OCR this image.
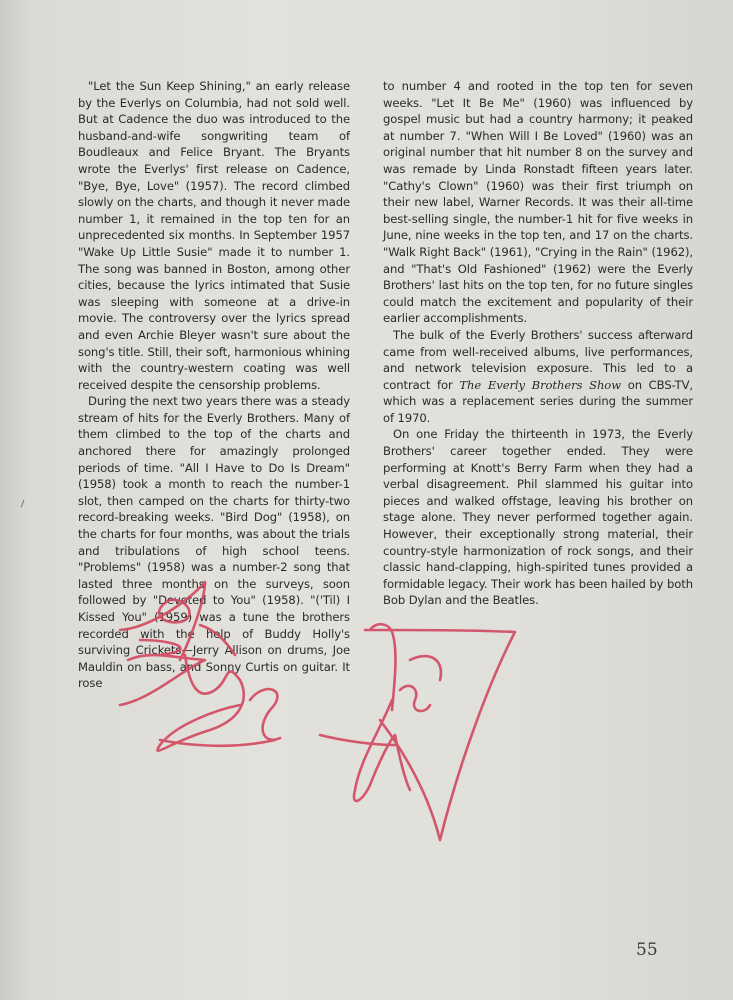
"Let the Sun Keep Shining," an early release by the Everlys on Columbia, had not sold well. But at Cadence the duo was introduced to the husband-and-wife songwriting team of Boudleaux and Felice Bryant. The Bryants wrote the Everlys' first release on Cadence, "Bye, Bye, Love" (1957). The record climbed slowly on the charts, and though it never made number 1, it remained in the top ten for an unprecedented six months. In September 1957 "Wake Up Little Susie" made it to number 1. The song was banned in Boston, among other cities, because the lyrics intimated that Susie was sleeping with someone at a drive-in movie. The controversy over the lyrics spread and even Archie Bleyer wasn't sure about the song's title. Still, their soft, harmonious whining with the country-western coating was well received despite the censorship problems.

During the next two years there was a steady stream of hits for the Everly Brothers. Many of them climbed to the top of the charts and anchored there for amazingly prolonged periods of time. "All I Have to Do Is Dream" (1958) took a month to reach the number-1 slot, then camped on the charts for thirty-two record-breaking weeks. "Bird Dog" (1958), on the charts for four months, was about the trials and tribulations of high school teens. "Problems" (1958) was a number-2 song that lasted three months on the surveys, soon followed by "Devoted to You" (1958). "('Til) I Kissed You" (1959) was a tune the brothers recorded with the help of Buddy Holly's surviving Crickets—Jerry Allison on drums, Joe Mauldin on bass, and Sonny Curtis on guitar. It rose

to number 4 and rooted in the top ten for seven weeks. "Let It Be Me" (1960) was influenced by gospel music but had a country harmony; it peaked at number 7. "When Will I Be Loved" (1960) was an original number that hit number 8 on the survey and was remade by Linda Ronstadt fifteen years later. "Cathy's Clown" (1960) was their first triumph on their new label, Warner Records. It was their all-time best-selling single, the number-1 hit for five weeks in June, nine weeks in the top ten, and 17 on the charts. "Walk Right Back" (1961), "Crying in the Rain" (1962), and "That's Old Fashioned" (1962) were the Everly Brothers' last hits on the top ten, for no future singles could match the excitement and popularity of their earlier accomplishments.

The bulk of the Everly Brothers' success afterward came from well-received albums, live performances, and network television exposure. This led to a contract for The Everly Brothers Show on CBS-TV, which was a replacement series during the summer of 1970.

On one Friday the thirteenth in 1973, the Everly Brothers' career together ended. They were performing at Knott's Berry Farm when they had a verbal disagreement. Phil slammed his guitar into pieces and walked offstage, leaving his brother on stage alone. They never performed together again. However, their exceptionally strong material, their country-style harmonization of rock songs, and their classic hand-clapping, high-spirited tunes provided a formidable legacy. Their work has been hailed by both Bob Dylan and the Beatles.

55
